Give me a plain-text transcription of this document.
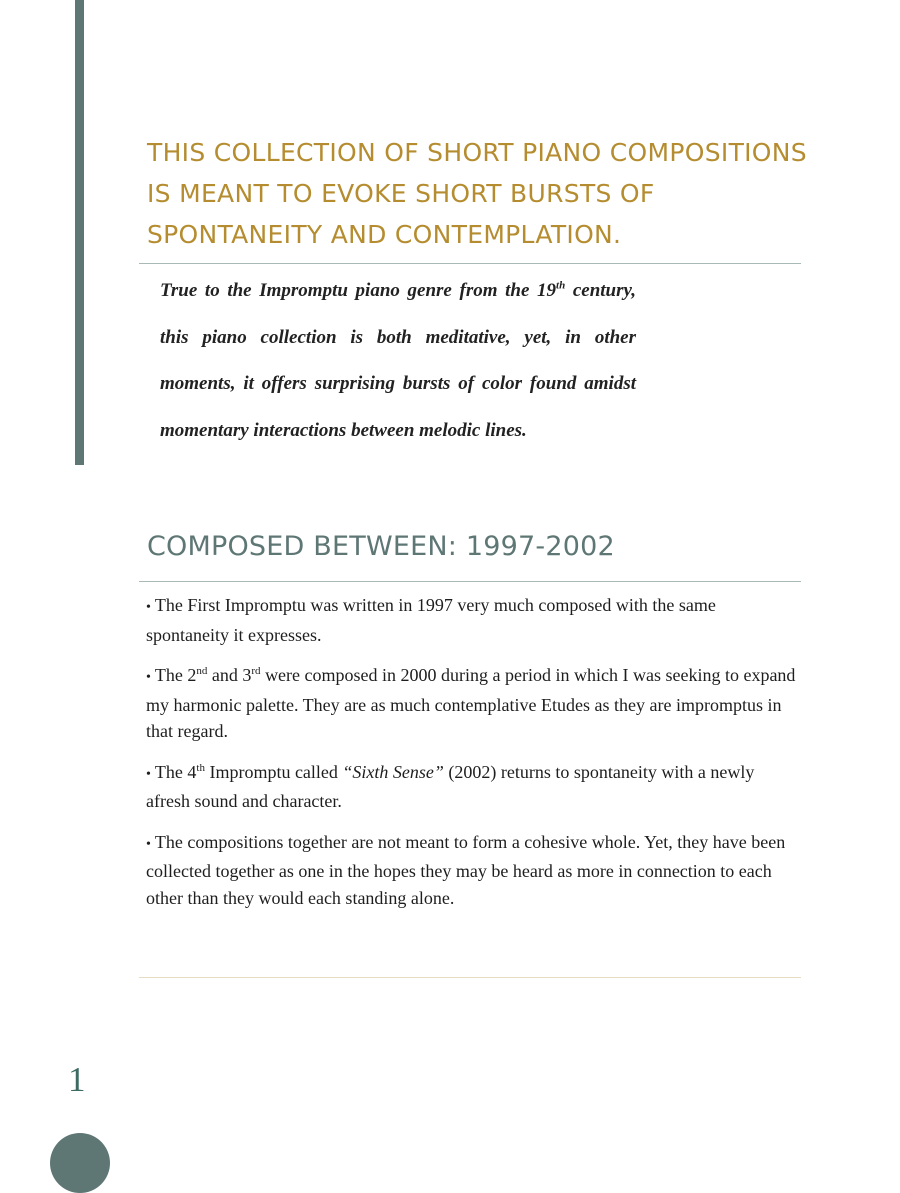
THIS COLLECTION OF SHORT PIANO COMPOSITIONS IS MEANT TO EVOKE SHORT BURSTS OF SPONTANEITY AND CONTEMPLATION.

True to the Impromptu piano genre from the 19th century, this piano collection is both meditative, yet, in other moments, it offers surprising bursts of color found amidst momentary interactions between melodic lines.

COMPOSED BETWEEN: 1997-2002
• The First Impromptu was written in 1997 very much composed with the same spontaneity it expresses.
• The 2nd and 3rd were composed in 2000 during a period in which I was seeking to expand my harmonic palette. They are as much contemplative Etudes as they are impromptus in that regard.
• The 4th Impromptu called “Sixth Sense” (2002) returns to spontaneity with a newly afresh sound and character.
• The compositions together are not meant to form a cohesive whole. Yet, they have been collected together as one in the hopes they may be heard as more in connection to each other than they would each standing alone.
1
